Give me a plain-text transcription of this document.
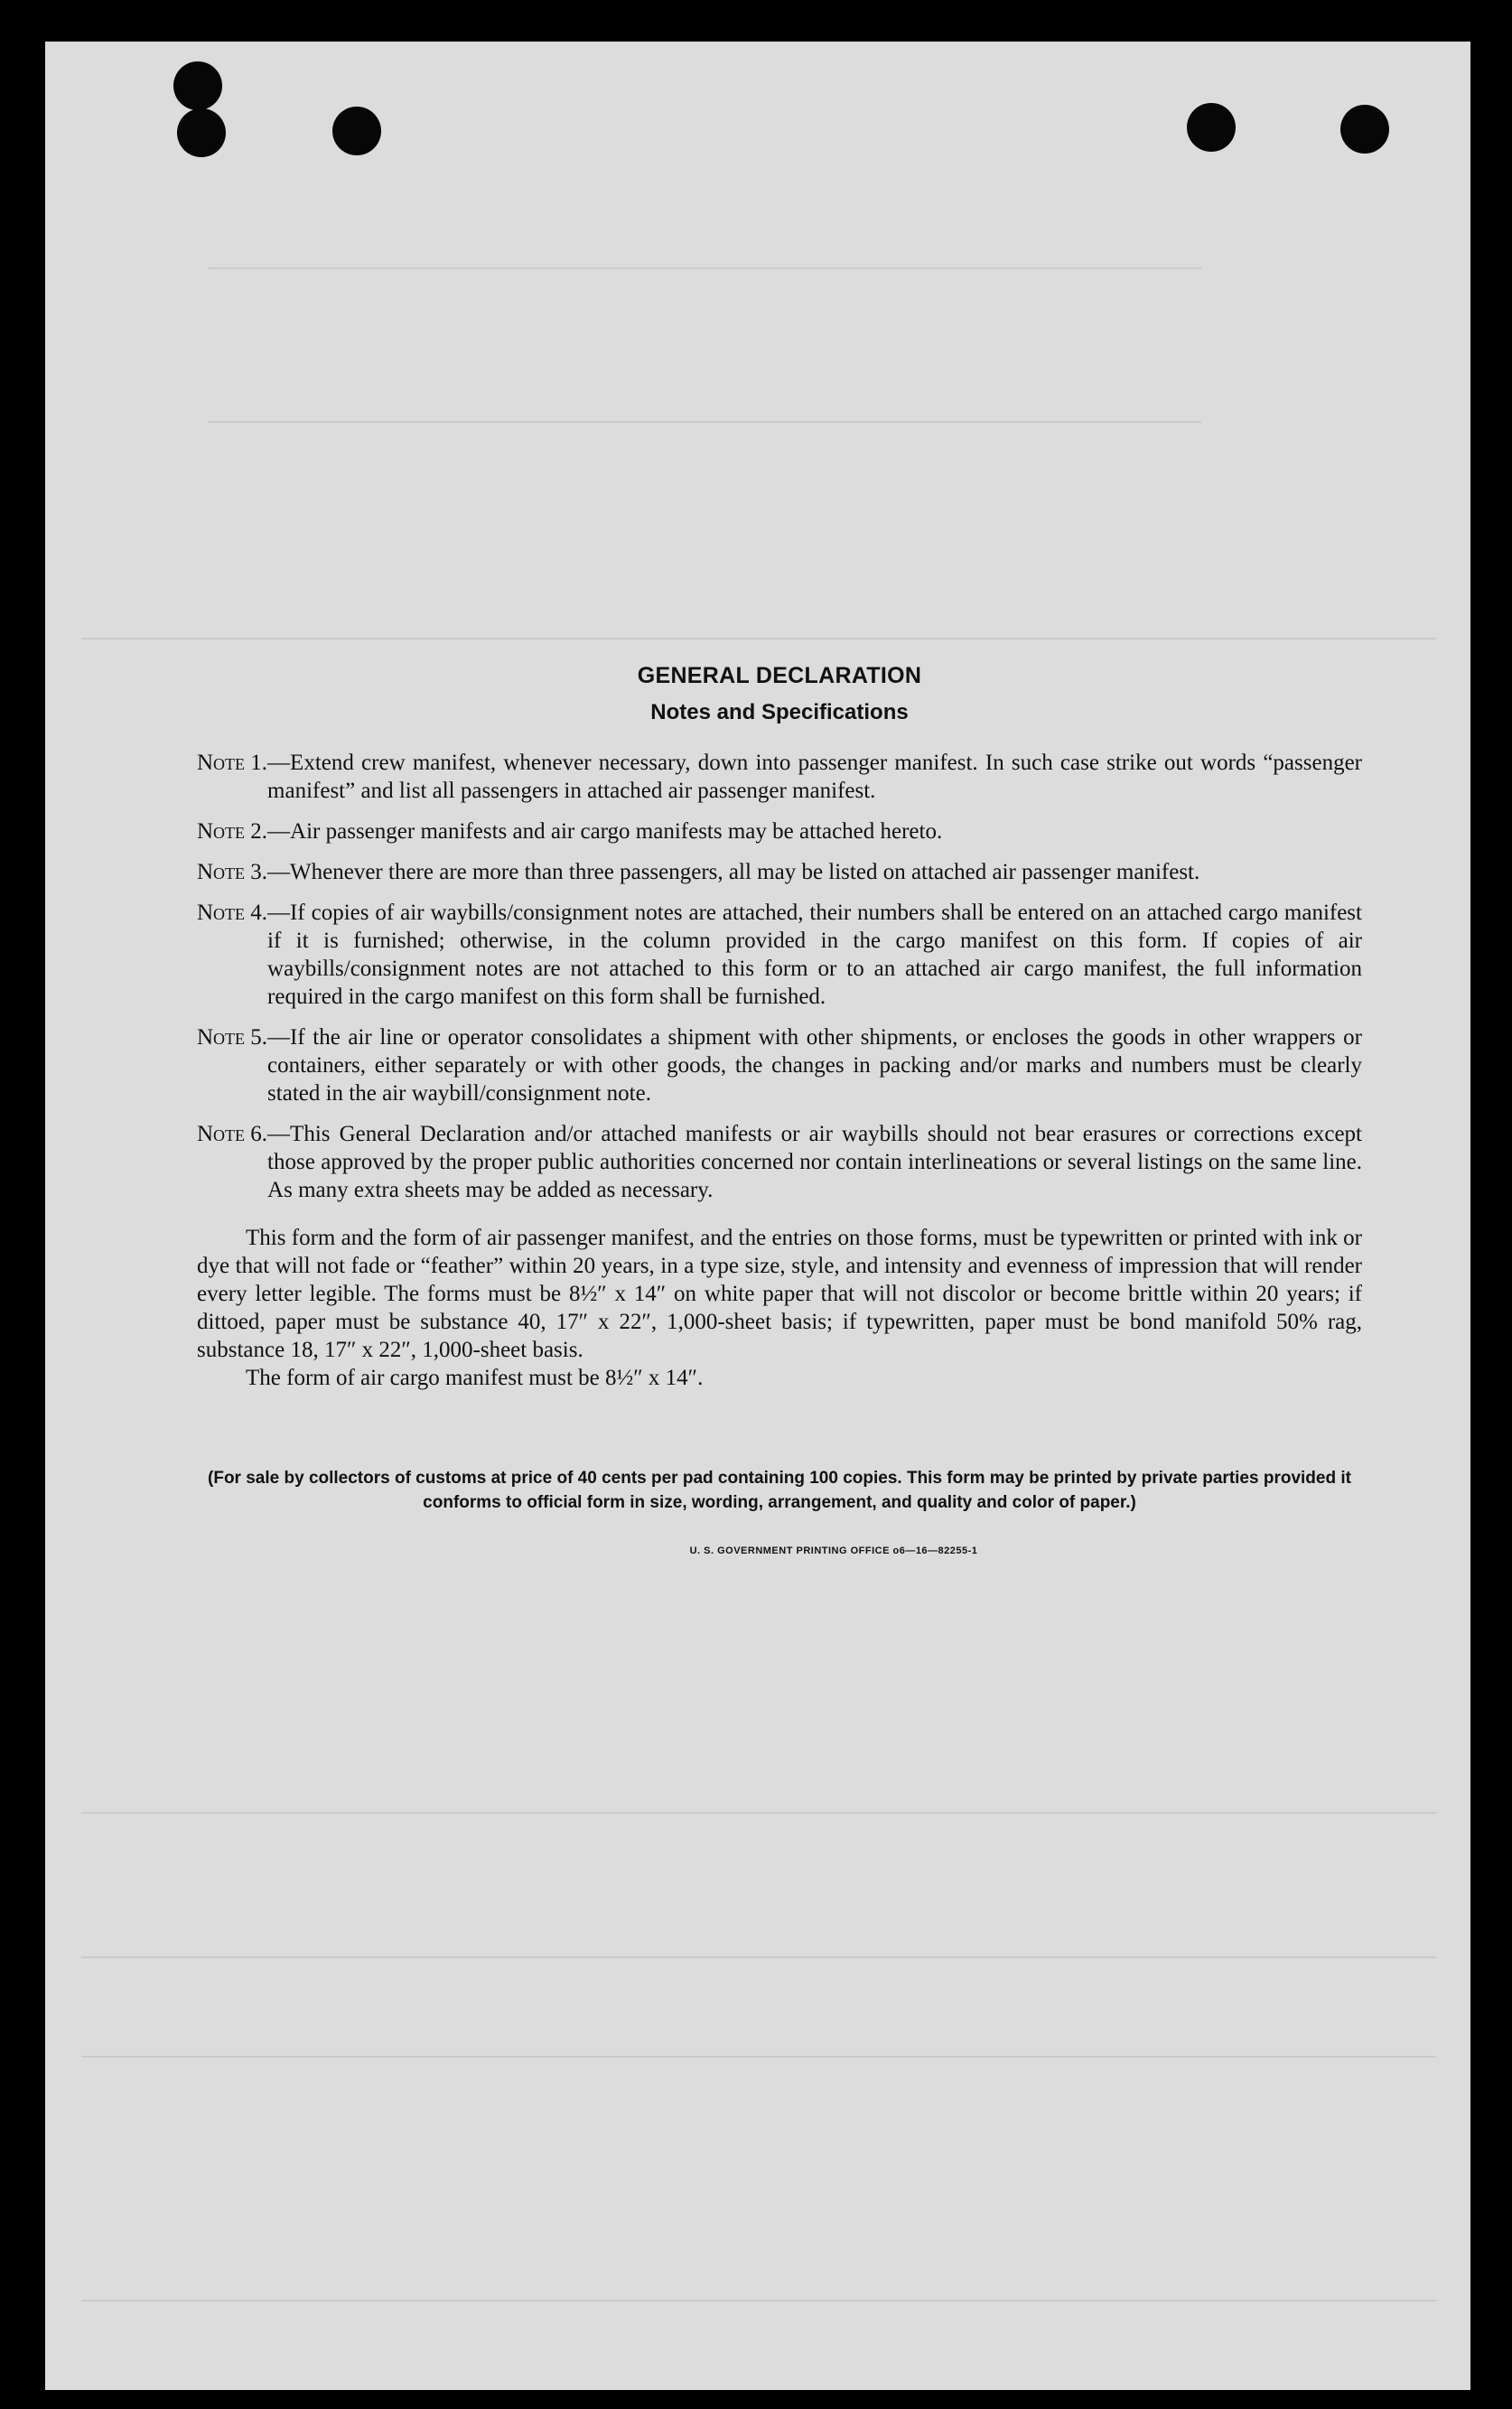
GENERAL DECLARATION
Notes and Specifications
Note 1. —Extend crew manifest, whenever necessary, down into passenger manifest. In such case strike out words “passenger manifest” and list all passengers in attached air passenger manifest.
Note 2. —Air passenger manifests and air cargo manifests may be attached hereto.
Note 3. —Whenever there are more than three passengers, all may be listed on attached air passenger manifest.
Note 4. —If copies of air waybills/consignment notes are attached, their numbers shall be entered on an attached cargo manifest if it is furnished; otherwise, in the column provided in the cargo manifest on this form. If copies of air waybills/consignment notes are not attached to this form or to an attached air cargo manifest, the full information required in the cargo manifest on this form shall be furnished.
Note 5. —If the air line or operator consolidates a shipment with other shipments, or encloses the goods in other wrappers or containers, either separately or with other goods, the changes in packing and/or marks and numbers must be clearly stated in the air waybill/consignment note.
Note 6. —This General Declaration and/or attached manifests or air waybills should not bear erasures or corrections except those approved by the proper public authorities concerned nor contain interlineations or several listings on the same line. As many extra sheets may be added as necessary.
This form and the form of air passenger manifest, and the entries on those forms, must be typewritten or printed with ink or dye that will not fade or “feather” within 20 years, in a type size, style, and intensity and evenness of impression that will render every letter legible. The forms must be 8½″ x 14″ on white paper that will not discolor or become brittle within 20 years; if dittoed, paper must be substance 40, 17″ x 22″, 1,000-sheet basis; if typewritten, paper must be bond manifold 50% rag, substance 18, 17″ x 22″, 1,000-sheet basis.
The form of air cargo manifest must be 8½″ x 14″.
(For sale by collectors of customs at price of 40 cents per pad containing 100 copies. This form may be printed by private parties provided it conforms to official form in size, wording, arrangement, and quality and color of paper.)
U. S. GOVERNMENT PRINTING OFFICE o6—16—82255-1
